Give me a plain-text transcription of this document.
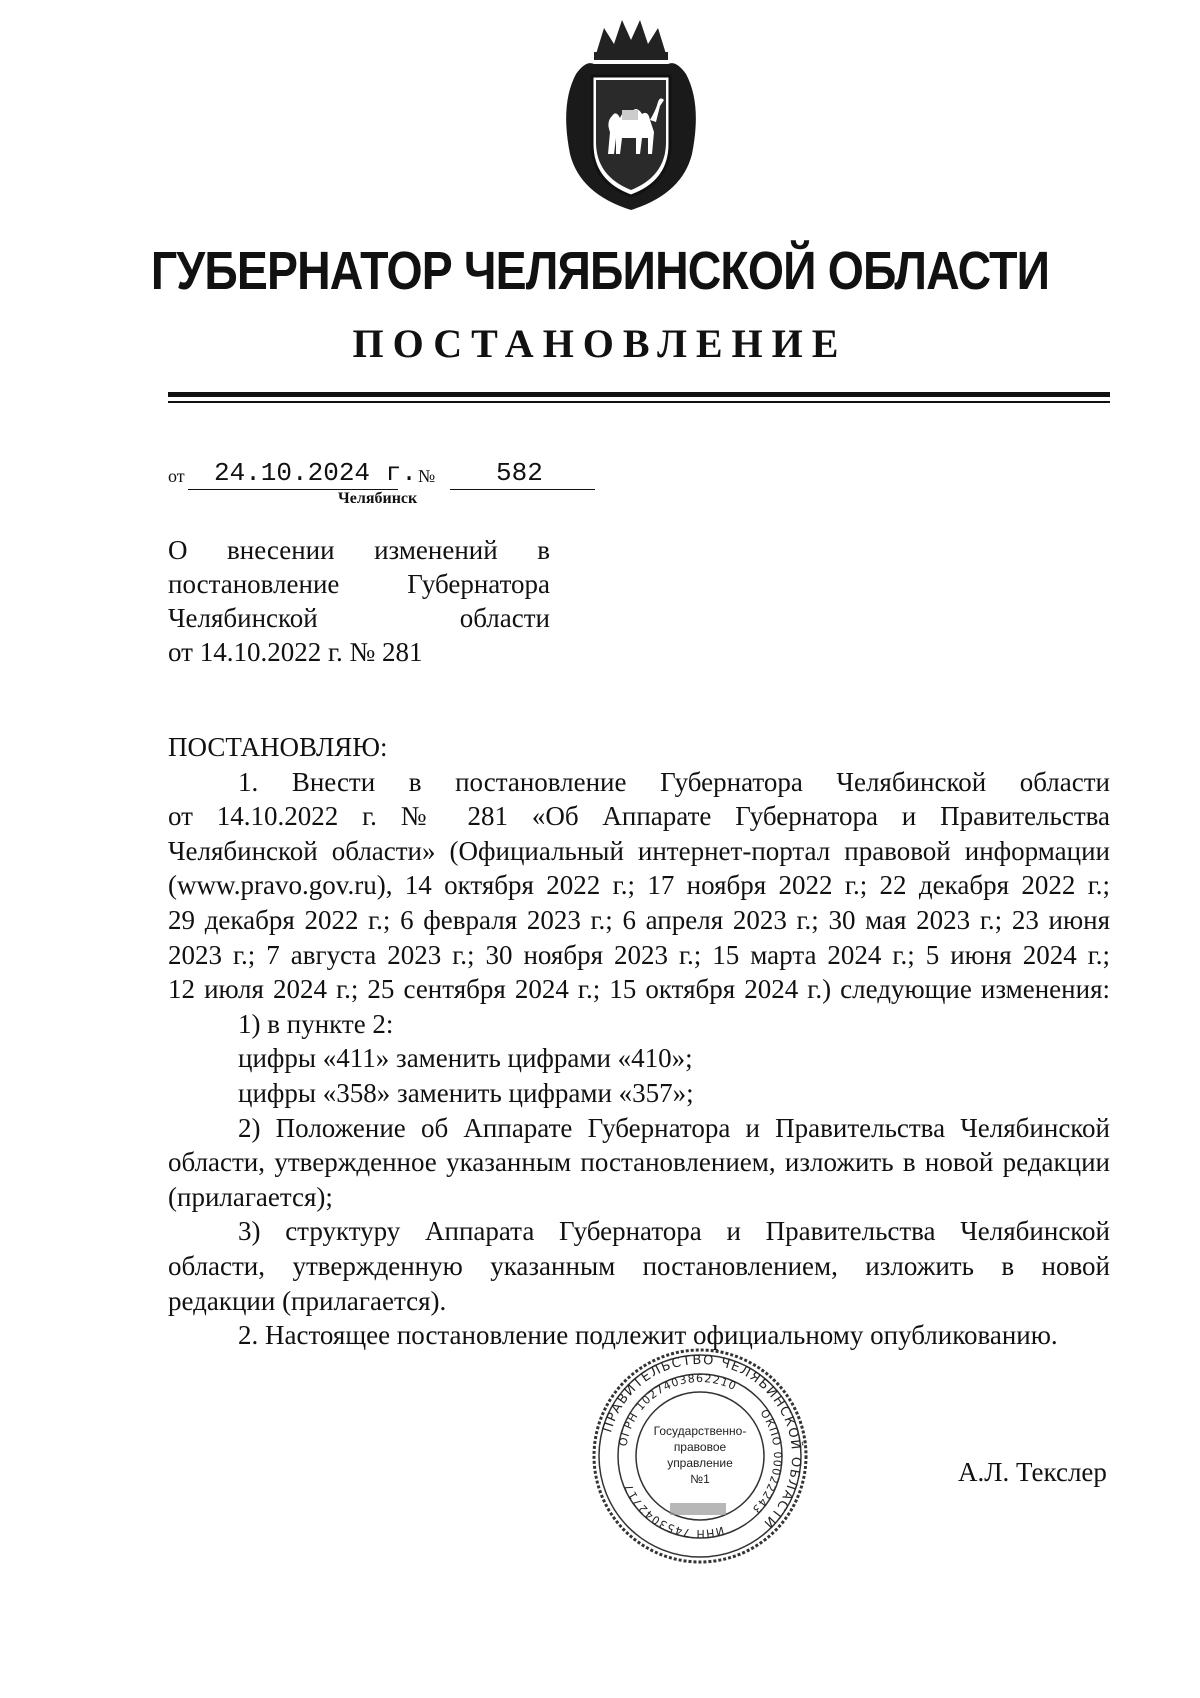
ГУБЕРНАТОР ЧЕЛЯБИНСКОЙ ОБЛАСТИ
ПОСТАНОВЛЕНИЕ
от	24.10.2024 г. №	582
Челябинск
О внесении изменений в
постановление Губернатора
Челябинской области
от 14.10.2022 г. № 281

ПОСТАНОВЛЯЮ:

1. Внести в постановление Губернатора Челябинской области
от 14.10.2022 г. № 281 «Об Аппарате Губернатора и Правительства
Челябинской области» (Официальный интернет-портал правовой информации
(www.pravo.gov.ru), 14 октября 2022 г.; 17 ноября 2022 г.; 22 декабря 2022 г.;
29 декабря 2022 г.; 6 февраля 2023 г.; 6 апреля 2023 г.; 30 мая 2023 г.; 23 июня
2023 г.; 7 августа 2023 г.; 30 ноября 2023 г.; 15 марта 2024 г.; 5 июня 2024 г.;
12 июля 2024 г.; 25 сентября 2024 г.; 15 октября 2024 г.) следующие изменения:

1) в пункте 2:

цифры «411» заменить цифрами «410»;

цифры «358» заменить цифрами «357»;

2) Положение об Аппарате Губернатора и Правительства Челябинской
области, утвержденное указанным постановлением, изложить в новой редакции
(прилагается);
3) структуру Аппарата Губернатора и Правительства Челябинской
области, утвержденную указанным постановлением, изложить в новой
редакции (прилагается).

2. Настоящее постановление подлежит официальному опубликованию.

ПРАВИТЕЛЬСТВО ЧЕЛЯБИНСКОЙ ОБЛАСТИ
ОГРН 1027403862210
ОКПО 00022243
ИНН 7453042717
Государственно-
правовое
управление
№1	А.Л. Текслер
